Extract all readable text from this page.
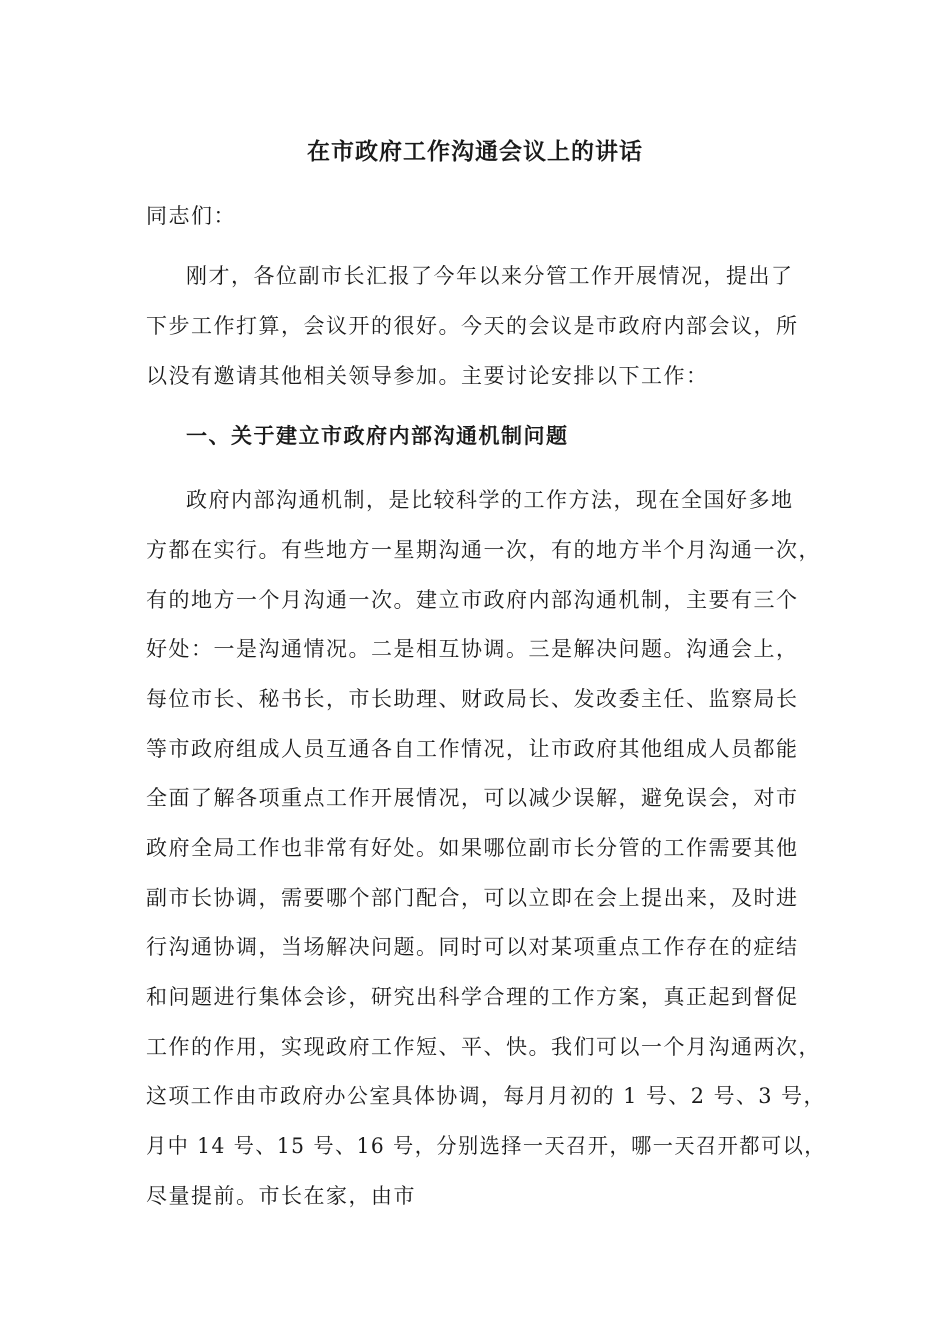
在市政府工作沟通会议上的讲话
同志们：
刚才，各位副市长汇报了今年以来分管工作开展情况，提出了
下步工作打算，会议开的很好。今天的会议是市政府内部会议，所
以没有邀请其他相关领导参加。主要讨论安排以下工作：
一、关于建立市政府内部沟通机制问题
政府内部沟通机制，是比较科学的工作方法，现在全国好多地
方都在实行。有些地方一星期沟通一次，有的地方半个月沟通一次，
有的地方一个月沟通一次。建立市政府内部沟通机制，主要有三个
好处：一是沟通情况。二是相互协调。三是解决问题。沟通会上，
每位市长、秘书长，市长助理、财政局长、发改委主任、监察局长
等市政府组成人员互通各自工作情况，让市政府其他组成人员都能
全面了解各项重点工作开展情况，可以减少误解，避免误会，对市
政府全局工作也非常有好处。如果哪位副市长分管的工作需要其他
副市长协调，需要哪个部门配合，可以立即在会上提出来，及时进
行沟通协调，当场解决问题。同时可以对某项重点工作存在的症结
和问题进行集体会诊，研究出科学合理的工作方案，真正起到督促
工作的作用，实现政府工作短、平、快。我们可以一个月沟通两次，
这项工作由市政府办公室具体协调，每月月初的 1 号、2 号、3 号，
月中 14 号、15 号、16 号，分别选择一天召开，哪一天召开都可以，
尽量提前。市长在家，由市
